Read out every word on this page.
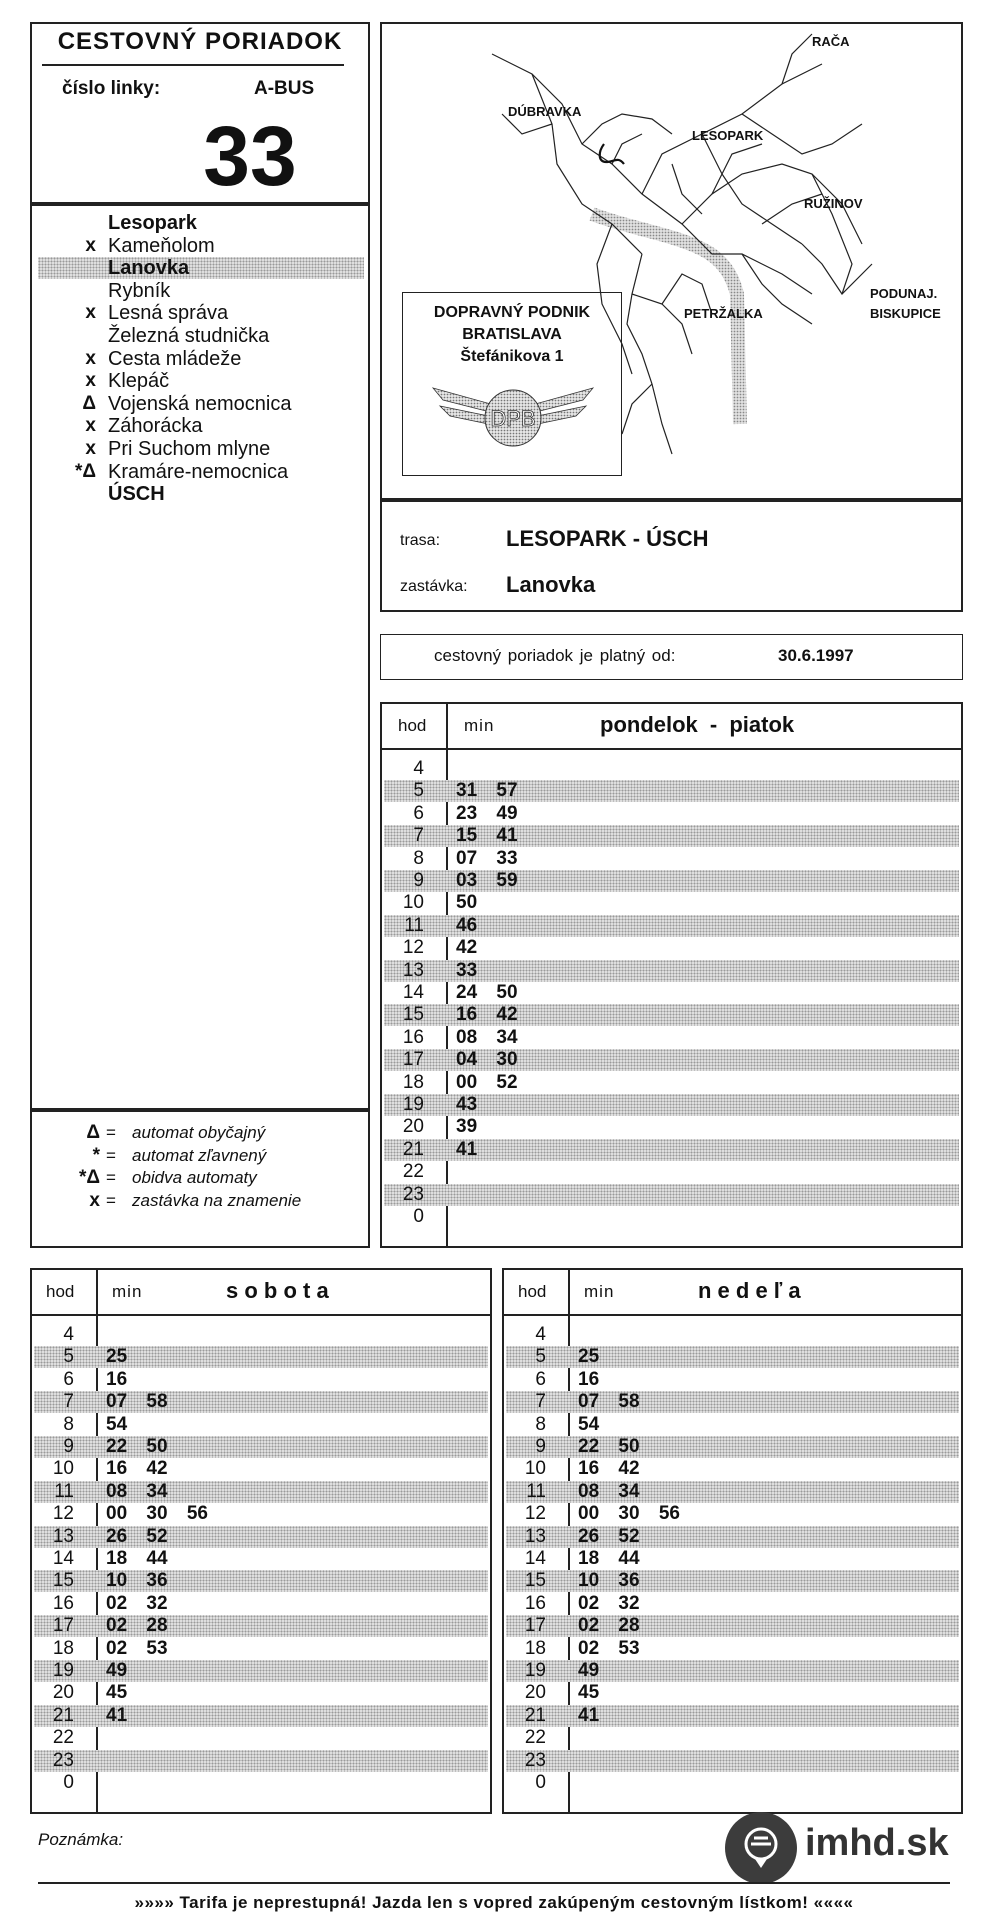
CESTOVNÝ PORIADOK
číslo linky:	A-BUS
33
Lesopark
x Kameňolom
Lanovka
Rybník
x Lesná správa
Železná studnička
x Cesta mládeže
x Klepáč
Δ Vojenská nemocnica
x Záhorácka
x Pri Suchom mlyne
*Δ Kramáre-nemocnica
ÚSCH
Δ = automat obyčajný
* = automat zľavnený
*Δ = obidva automaty
x = zastávka na znamenie
RAČA
DÚBRAVKA
LESOPARK
RUŽINOV
PODUNAJ.
BISKUPICE
PETRŽALKA
DOPRAVNÝ PODNIK
BRATISLAVA
Štefánikova 1
DPB
trasa:	LESOPARK - ÚSCH
zastávka: Lanovka
cestovný poriadok je platný od:	30.6.1997
hod min	pondelok - piatok
4
5 31 57
6 23 49
7 15 41
8 07 33
9 03 59
10 50
11 46
12 42
13 33
14 24 50
15 16 42
16 08 34
17 04 30
18 00 52
19 43
20 39
21 41
22
23
0
hod min	s o b o t a
4
5 25
6 16
7 07 58
8 54
9 22 50
10 16 42
11 08 34
12 00 30 56
13 26 52
14 18 44
15 10 36
16 02 32
17 02 28
18 02 53
19 49
20 45
21 41
22
23
0
hod min	n e d e ľ a
4
5 25
6 16
7 07 58
8 54
9 22 50
10 16 42
11 08 34
12 00 30 56
13 26 52
14 18 44
15 10 36
16 02 32
17 02 28
18 02 53
19 49
20 45
21 41
22
23
0
Poznámka:	imhd.sk
»»»» Tarifa je neprestupná! Jazda len s vopred zakúpeným cestovným lístkom! ««««
